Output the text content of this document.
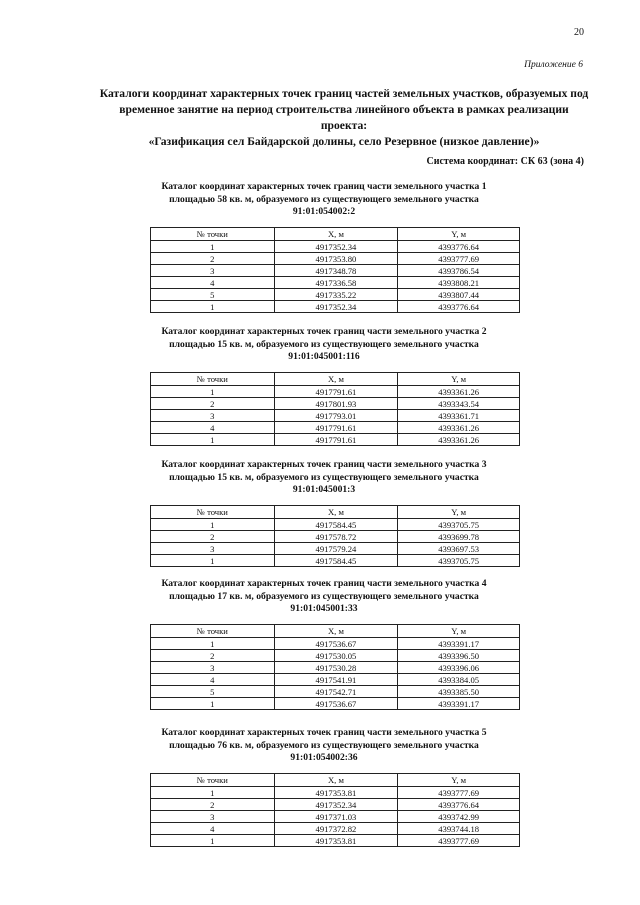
20
Приложение 6
Каталоги координат характерных точек границ частей земельных участков, образуемых под
временное занятие на период строительства линейного объекта в рамках реализации проекта:
«Газификация сел Байдарской долины, село Резервное (низкое давление)»
Система координат: СК 63 (зона 4)
Каталог координат характерных точек границ части земельного участка 1
площадью 58 кв. м, образуемого из существующего земельного участка
91:01:054002:2
№ точки	X, м	Y, м
1	4917352.34	4393776.64
2	4917353.80	4393777.69
3	4917348.78	4393786.54
4	4917336.58	4393808.21
5	4917335.22	4393807.44
1	4917352.34	4393776.64
Каталог координат характерных точек границ части земельного участка 2
площадью 15 кв. м, образуемого из существующего земельного участка
91:01:045001:116
№ точки	X, м	Y, м
1	4917791.61	4393361.26
2	4917801.93	4393343.54
3	4917793.01	4393361.71
4	4917791.61	4393361.26
1	4917791.61	4393361.26
Каталог координат характерных точек границ части земельного участка 3
площадью 15 кв. м, образуемого из существующего земельного участка
91:01:045001:3
№ точки	X, м	Y, м
1	4917584.45	4393705.75
2	4917578.72	4393699.78
3	4917579.24	4393697.53
1	4917584.45	4393705.75
Каталог координат характерных точек границ части земельного участка 4
площадью 17 кв. м, образуемого из существующего земельного участка
91:01:045001:33
№ точки	X, м	Y, м
1	4917536.67	4393391.17
2	4917530.05	4393396.50
3	4917530.28	4393396.06
4	4917541.91	4393384.05
5	4917542.71	4393385.50
1	4917536.67	4393391.17
Каталог координат характерных точек границ части земельного участка 5
площадью 76 кв. м, образуемого из существующего земельного участка
91:01:054002:36
№ точки	X, м	Y, м
1	4917353.81	4393777.69
2	4917352.34	4393776.64
3	4917371.03	4393742.99
4	4917372.82	4393744.18
1	4917353.81	4393777.69
